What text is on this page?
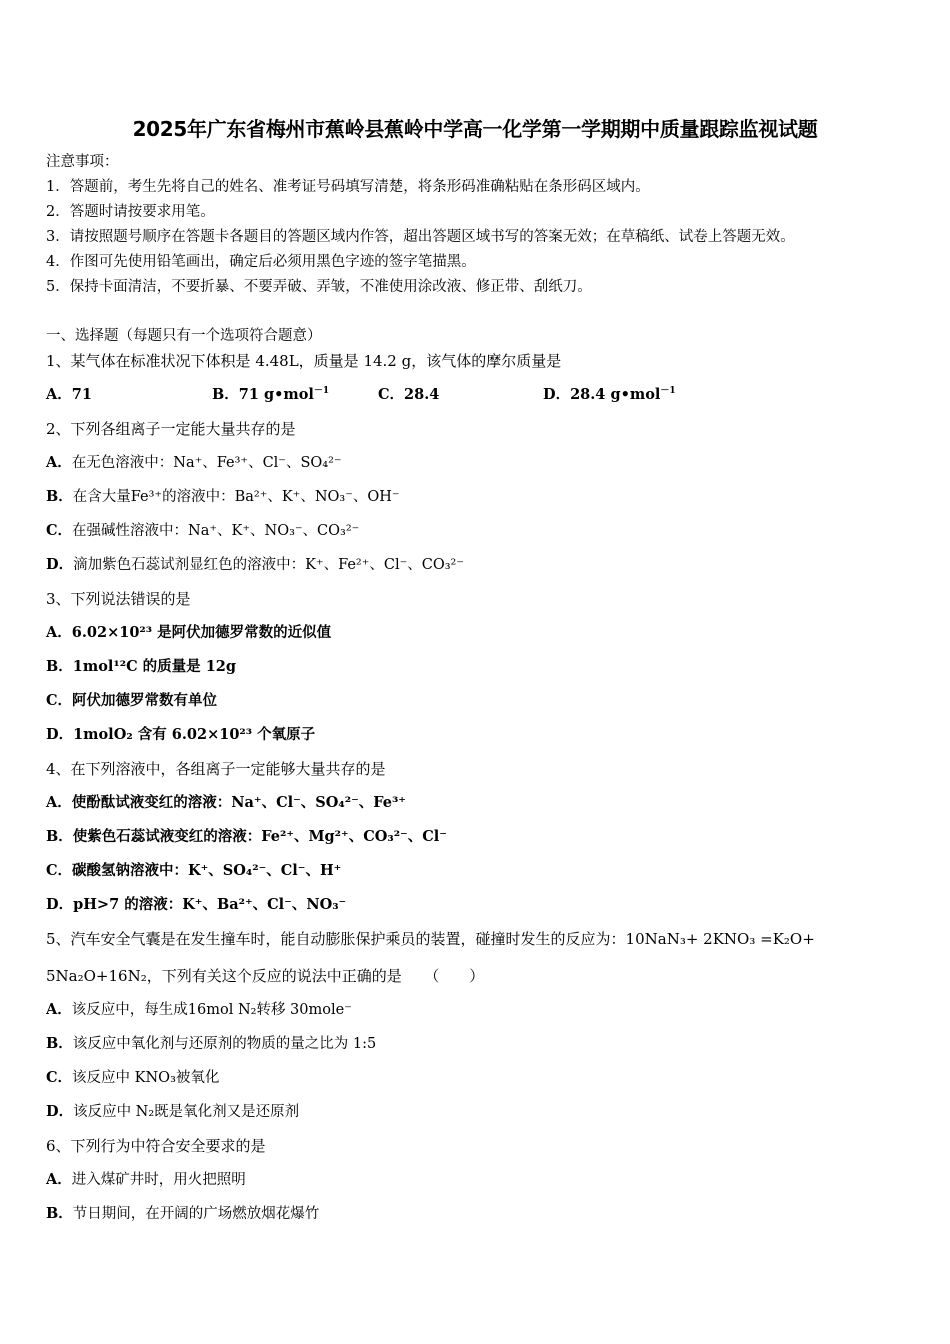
2025年广东省梅州市蕉岭县蕉岭中学高一化学第一学期期中质量跟踪监视试题
注意事项：
1．答题前，考生先将自己的姓名、准考证号码填写清楚，将条形码准确粘贴在条形码区域内。
2．答题时请按要求用笔。
3．请按照题号顺序在答题卡各题目的答题区域内作答，超出答题区域书写的答案无效；在草稿纸、试卷上答题无效。
4．作图可先使用铅笔画出，确定后必须用黑色字迹的签字笔描黑。
5．保持卡面清洁，不要折暴、不要弄破、弄皱，不准使用涂改液、修正带、刮纸刀。
一、选择题（每题只有一个选项符合题意）
1、某气体在标准状况下体积是 4.48L，质量是 14.2 g，该气体的摩尔质量是
A．71	B．71 g•mol$^{-1}$	C．28.4	D．28.4 g•mol$^{-1}$
2、下列各组离子一定能大量共存的是
A．在无色溶液中：Na⁺、Fe³⁺、Cl⁻、SO₄²⁻
B．在含大量Fe³⁺的溶液中：Ba²⁺、K⁺、NO₃⁻、OH⁻
C．在强碱性溶液中：Na⁺、K⁺、NO₃⁻、CO₃²⁻
D．滴加紫色石蕊试剂显红色的溶液中：K⁺、Fe²⁺、Cl⁻、CO₃²⁻
3、下列说法错误的是
A．6.02×10²³ 是阿伏加德罗常数的近似值
B．1mol¹²C 的质量是 12g
C．阿伏加德罗常数有单位
D．1molO₂ 含有 6.02×10²³ 个氧原子
4、在下列溶液中，各组离子一定能够大量共存的是
A．使酚酞试液变红的溶液：Na⁺、Cl⁻、SO₄²⁻、Fe³⁺
B．使紫色石蕊试液变红的溶液：Fe²⁺、Mg²⁺、CO₃²⁻、Cl⁻
C．碳酸氢钠溶液中：K⁺、SO₄²⁻、Cl⁻、H⁺
D．pH>7 的溶液：K⁺、Ba²⁺、Cl⁻、NO₃⁻
5、汽车安全气囊是在发生撞车时，能自动膨胀保护乘员的装置，碰撞时发生的反应为：10NaN₃+ 2KNO₃ =K₂O+
5Na₂O+16N₂，下列有关这个反应的说法中正确的是　　（　　）
A．该反应中，每生成16mol N₂转移 30mole⁻
B．该反应中氧化剂与还原剂的物质的量之比为 1:5
C．该反应中 KNO₃被氧化
D．该反应中 N₂既是氧化剂又是还原剂
6、下列行为中符合安全要求的是
A．进入煤矿井时，用火把照明
B．节日期间，在开阔的广场燃放烟花爆竹
